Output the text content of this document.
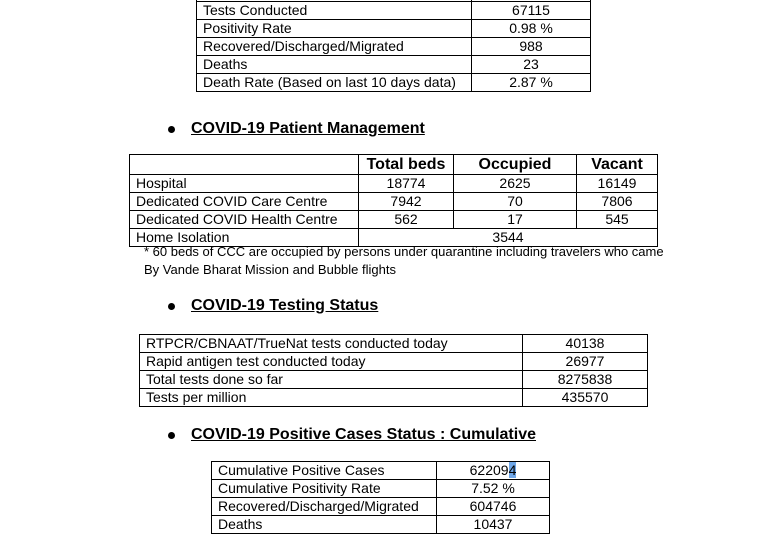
Tests Conducted	67115
Positivity Rate	0.98 %
Recovered/Discharged/Migrated	988
Deaths	23
Death Rate (Based on last 10 days data)	2.87 %
COVID-19 Patient Management
	Total beds	Occupied	Vacant
Hospital	18774	2625	16149
Dedicated COVID Care Centre	7942	70	7806
Dedicated COVID Health Centre	562	17	545
Home Isolation	3544		
* 60 beds of CCC are occupied by persons under quarantine including travelers who came
By Vande Bharat Mission and Bubble flights
COVID-19 Testing Status
RTPCR/CBNAAT/TrueNat tests conducted today	40138
Rapid antigen test conducted today	26977
Total tests done so far	8275838
Tests per million	435570
COVID-19 Positive Cases Status : Cumulative
Cumulative Positive Cases	622094
Cumulative Positivity Rate	7.52 %
Recovered/Discharged/Migrated	604746
Deaths	10437
